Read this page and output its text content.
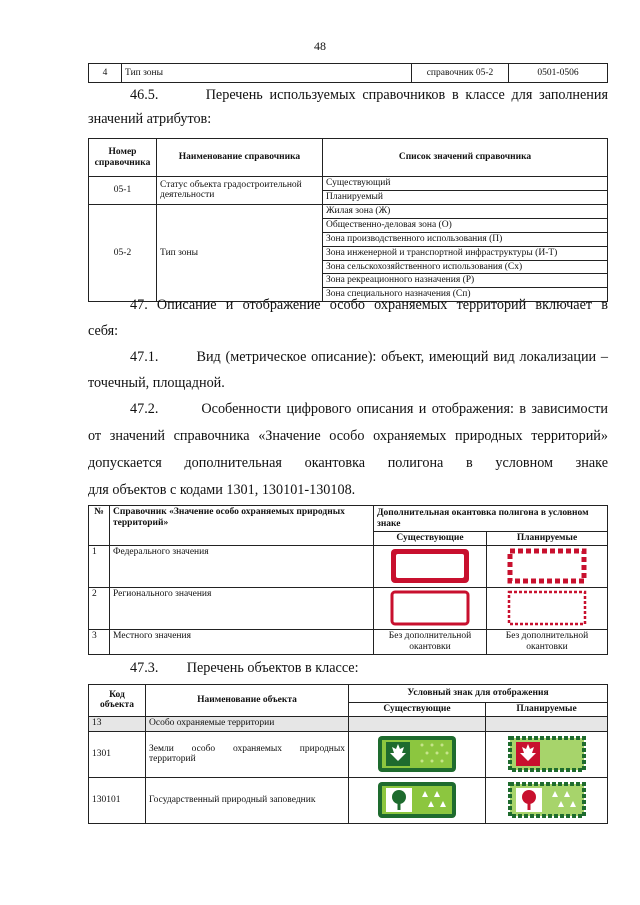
48
4	Тип зоны	справочник 05-2	0501-0506
46.5.	Перечень используемых справочников в классе для заполнения
значений атрибутов:
Номер справочника	Наименование справочника	Список значений справочника
05-1	Статус объекта градостроительной деятельности	Существующий
		Планируемый
05-2	Тип зоны	Жилая зона (Ж)
		Общественно-деловая зона (О)
		Зона производственного использования (П)
		Зона инженерной и транспортной инфраструктуры (И-Т)
		Зона сельскохозяйственного использования (Сх)
		Зона рекреационного назначения (Р)
		Зона специального назначения (Сп)
47. Описание и отображение особо охраняемых территорий включает в
себя:
47.1.	Вид (метрическое описание): объект, имеющий вид локализации –
точечный, площадной.
47.2.	Особенности цифрового описания и отображения: в зависимости
от значений справочника «Значение особо охраняемых природных территорий»
допускается дополнительная окантовка полигона в условном знаке
для объектов с кодами 1301, 130101-130108.
№	Справочник «Значение особо охраняемых природных территорий»	Дополнительная окантовка полигона в условном знаке	
		Существующие	Планируемые
1	Федерального значения	

2	Регионального значения	

3	Местного значения	Без дополнительной окантовки	Без дополнительной окантовки
47.3. Перечень объектов в классе:
Код объекта	Наименование объекта	Условный знак для отображения	
		Существующие	Планируемые
13	Особо охраняемые территории		
1301	Земли особо охраняемых природных территорий	

130101	Государственный природный заповедник	
